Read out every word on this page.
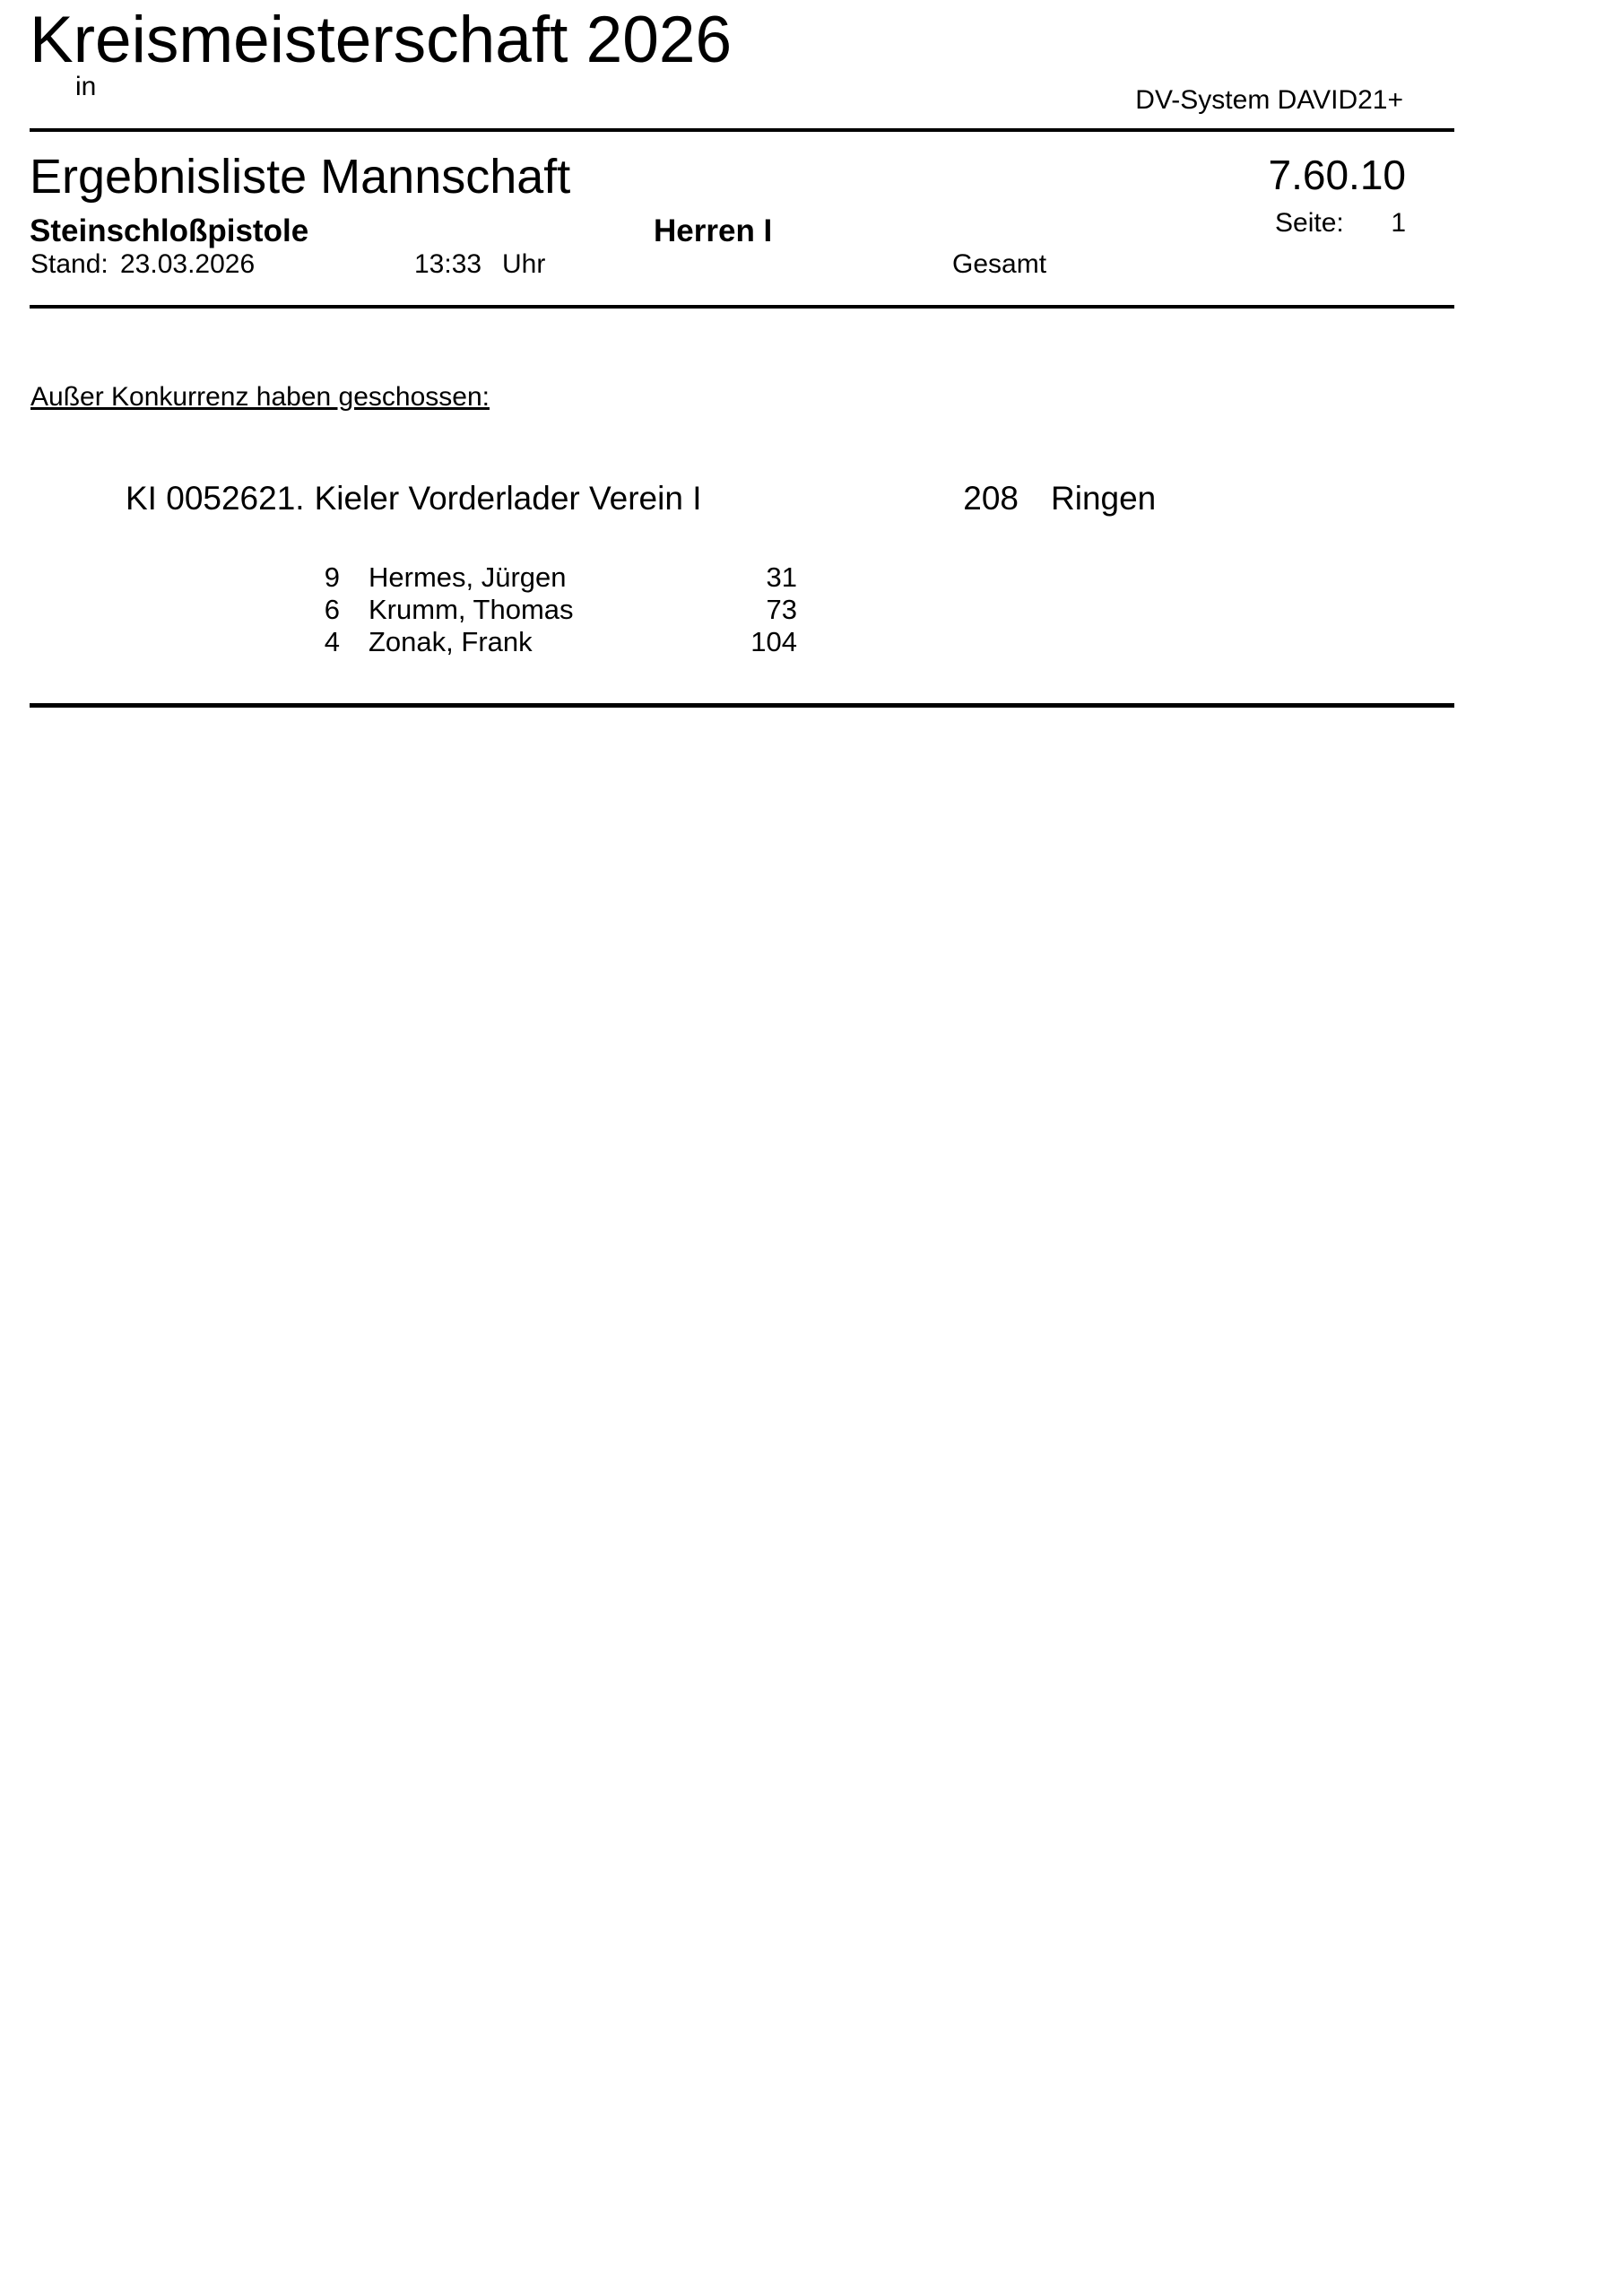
Kreismeisterschaft 2026
in	DV-System DAVID21+
Ergebnisliste Mannschaft	7.60.10
Steinschloßpistole	Herren I	Seite: 1
Stand: 23.03.2026	13:33 Uhr	Gesamt
Außer Konkurrenz haben geschossen:
KI 0052621. Kieler Vorderlader Verein I	208 Ringen
9 Hermes, Jürgen	31
6 Krumm, Thomas	73
4 Zonak, Frank	104
